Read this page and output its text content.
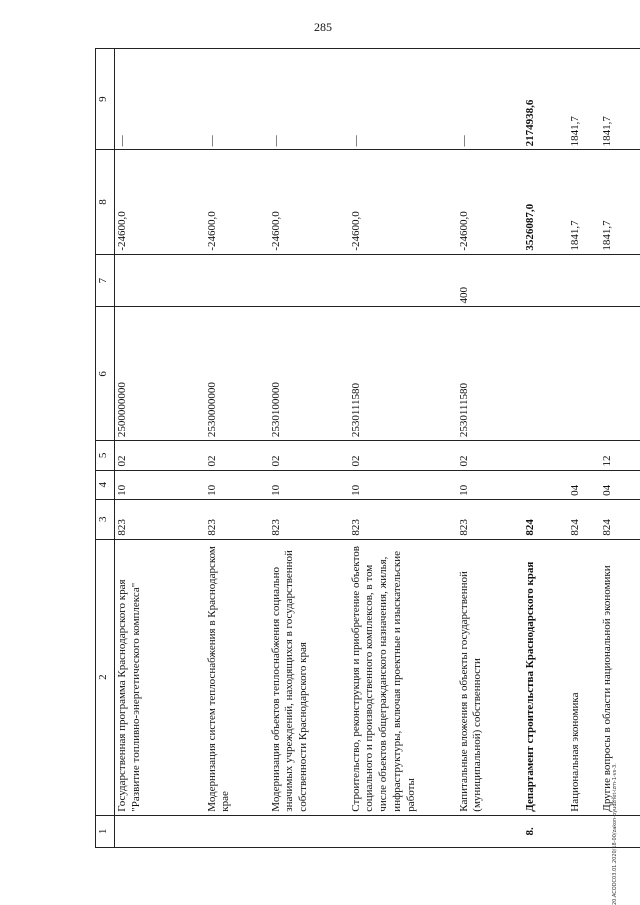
285
1	2	3	4	5	6	7	8	9
	Государственная программа Краснодарского края "Развитие топливно-энергетического комплекса"	823	10	02	2500000000		-24600,0	—
	Модернизация систем теплоснабжения в Краснодарском крае	823	10	02	2530000000		-24600,0	—
	Модернизация объектов теплоснабжения социально значимых учреждений, находящихся в государственной собственности Краснодарского края	823	10	02	2530100000		-24600,0	—
	Строительство, реконструкция и приобретение объектов социального и производственного комплексов, в том числе объектов общегражданского назначения, жилья, инфраструктуры, включая проектные и изыскательские работы	823	10	02	2530111580		-24600,0	—
	Капитальные вложения в объекты государственной (муниципальной) собственности	823	10	02	2530111580	400	-24600,0	—
8.	Департамент строительства Краснодарского края	824					3526087,0	2174938,6
	Национальная экономика	824	04				1841,7	1841,7
	Другие вопросы в области национальной экономики	824	04	12			1841,7	1841,7
20.ACODC03.01.2020/18-00/zakon-byudzhet-izm-1-vs-3.
